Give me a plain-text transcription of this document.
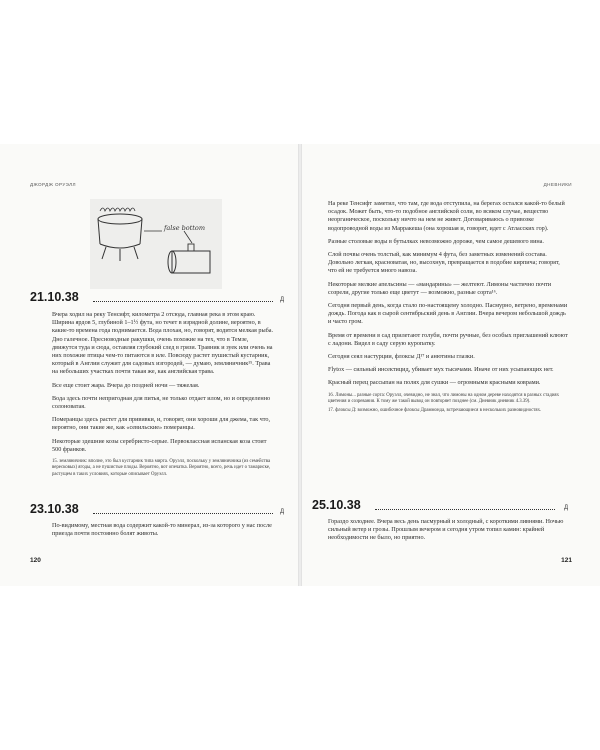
ДЖОРДЖ ОРУЭЛЛ
false bottom
21.10.38	Д

Вчера ходил на реку Тенсифт, километра 2 отсюда, главная река в этом краю. Ширина ярдов 5, глубиной 1–1½ фута, но течет в изрядной долине, вероятно, в какие-то времена года поднимается. Вода плохая, но, говорят, водится мелкая рыба. Дно галечное. Пресноводные ракушки, очень похожие на тех, что в Темзе, движутся туда и сюда, оставляя глубокий след в грязи. Травник и зуек или очень на них похожие птицы чем-то питаются в иле. Повсюду растет пушистый кустарник, который в Англии служит для садовых изгородей, — думаю, земляничник¹⁵. Трава на небольших участках почти такая же, как английская трава.

Все еще стоит жара. Вчера до поздней ночи — тяжелая.

Вода здесь почти непригодная для питья, не только отдает илом, но и определенно солоноватая.

Померанцы здесь растет для прививки, и, говорят, они хороши для джема, так что, вероятно, они такие же, как «севильские» померанцы.

Некоторые здешние козы серебристо-серые. Первоклассная испанская коза стоит 500 франков.

15. земляничник: вполне, это был кустарник типа мирта. Оруэлл, поскольку у земляничника (из семейства вересковых) ягоды, а не пушистые плоды. Вероятно, вот опечатка. Вероятно, всего, речь идет о тамариске, растущем в таких условиях, которые описывает Оруэлл.
23.10.38	Д

По-видимому, местная вода содержит какой-то минерал, из-за которого у нас после приезда почти постоянно болят животы.

120
ДНЕВНИКИ

На реке Тенсифт заметил, что там, где вода отступила, на берегах остался какой-то белый осадок. Может быть, что-то подобное английской соли, во всяком случае, вещество неорганическое, поскольку ничто на нем не живет. Договариваюсь о привозке водопроводной воды из Марракеша (она хорошая и, говорят, идет с Атласских гор).

Разные столовые воды в бутылках невозможно дороже, чем самое дешевого вина.

Слой почвы очень толстый, как минимум 4 фута, без заметных изменений состава. Довольно легкая, красноватая, но, высохнув, превращается в подобие кирпича; говорят, что ей не требуется много навоза.

Некоторые мелкие апельсины — «мандарины» — желтеют. Лимоны частично почти созрели, другие только еще цветут — возможно, разные сорта¹⁶.

Сегодня первый день, когда стало по-настоящему холодно. Пасмурно, ветрено, временами дождь. Погода как в сырой сентябрьский день в Англии. Вчера вечером небольшой дождь и часто гром.

Время от времени в сад прилетают голуби, почти ручные, без особых приглашений клюют с ладони. Видел в саду серую куропатку.

Сегодня сеял настурции, флоксы Д¹⁷ и анютины глазки.

Flytox — сильный инсектицид, убивает мух тысячами. Иначе от них усыпающих нет.

Красный перец рассыпан на полях для сушки — огромными красными коврами.

16. Лимоны... разные сорта: Оруэлл, очевидно, не знал, что лимоны на одном дереве находятся в разных стадиях цветения и созревания. К тому же такой вывод он повторяет позднее (см. Дневник дневник 4.3.39).
17. флоксы Д: возможно, ошибочное флоксы Драммонда, встречающиеся в нескольких разновидностях.
25.10.38	Д

Гораздо холоднее. Вчера весь день пасмурный и холодный, с короткими ливнями. Ночью сильный ветер и грозы. Прошлым вечером и сегодня утром топил камин: крайней необходимости не было, но приятно.

121
